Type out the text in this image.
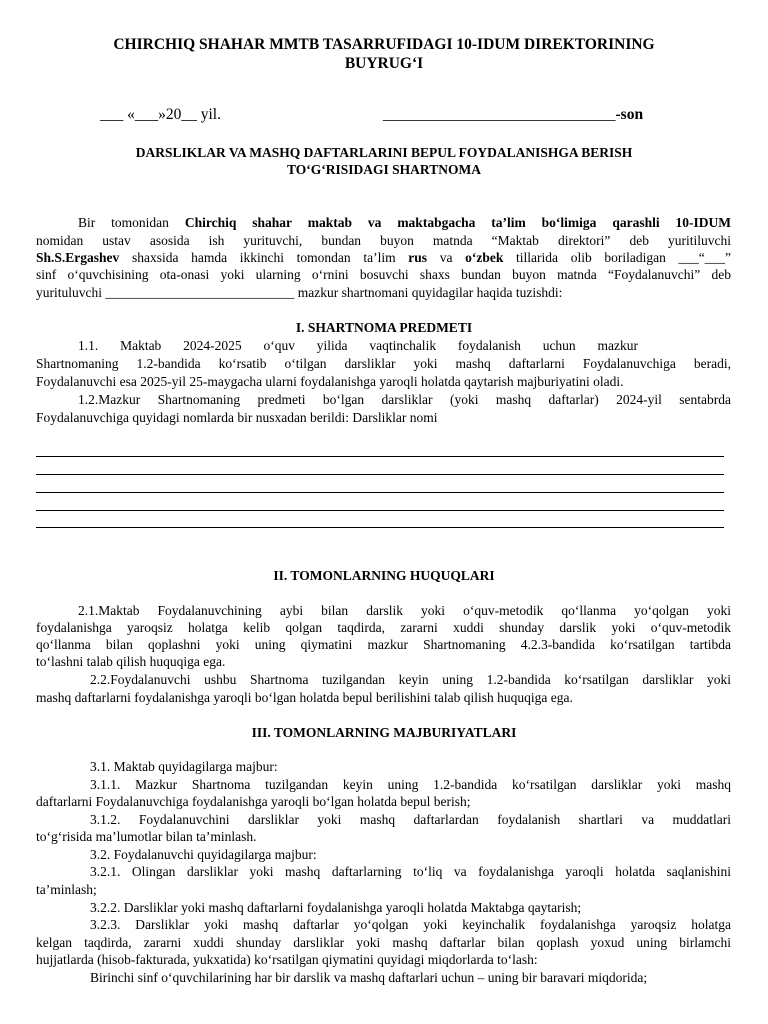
CHIRCHIQ SHAHAR MMTB TASARRUFIDAGI 10-IDUM DIREKTORINING
BUYRUG‘I
___ «___»20__ yil.	______________________________-son
DARSLIKLAR VA MASHQ DAFTARLARINI BEPUL FOYDALANISHGA BERISH
TO‘G‘RISIDAGI SHARTNOMA
Bir tomonidan Chirchiq shahar maktab va maktabgacha ta’lim bo‘limiga qarashli 10-IDUM
nomidan ustav asosida ish yurituvchi, bundan buyon matnda “Maktab direktori” deb yuritiluvchi
Sh.S.Ergashev shaxsida hamda ikkinchi tomondan ta’lim rus va o‘zbek tillarida olib boriladigan ___“___”
sinf o‘quvchisining ota-onasi yoki ularning o‘rnini bosuvchi shaxs bundan buyon matnda “Foydalanuvchi” deb
yurituluvchi ____________________________ mazkur shartnomani quyidagilar haqida tuzishdi:
I. SHARTNOMA PREDMETI
1.1. Maktab 2024-2025 o‘quv yilida vaqtinchalik foydalanish uchun mazkur
Shartnomaning 1.2-bandida ko‘rsatib o‘tilgan darsliklar yoki mashq daftarlarni Foydalanuvchiga beradi,
Foydalanuvchi esa 2025-yil 25-maygacha ularni foydalanishga yaroqli holatda qaytarish majburiyatini oladi.
1.2.Mazkur Shartnomaning predmeti bo‘lgan darsliklar (yoki mashq daftarlar) 2024-yil sentabrda
Foydalanuvchiga quyidagi nomlarda bir nusxadan berildi: Darsliklar nomi
II. TOMONLARNING HUQUQLARI
2.1.Maktab Foydalanuvchining aybi bilan darslik yoki o‘quv-metodik qo‘llanma yo‘qolgan yoki
foydalanishga yaroqsiz holatga kelib qolgan taqdirda, zararni xuddi shunday darslik yoki o‘quv-metodik
qo‘llanma bilan qoplashni yoki uning qiymatini mazkur Shartnomaning 4.2.3-bandida ko‘rsatilgan tartibda
to‘lashni talab qilish huquqiga ega.
2.2.Foydalanuvchi ushbu Shartnoma tuzilgandan keyin uning 1.2-bandida ko‘rsatilgan darsliklar yoki
mashq daftarlarni foydalanishga yaroqli bo‘lgan holatda bepul berilishini talab qilish huquqiga ega.
III. TOMONLARNING MAJBURIYATLARI
3.1. Maktab quyidagilarga majbur:
3.1.1. Mazkur Shartnoma tuzilgandan keyin uning 1.2-bandida ko‘rsatilgan darsliklar yoki mashq
daftarlarni Foydalanuvchiga foydalanishga yaroqli bo‘lgan holatda bepul berish;
3.1.2. Foydalanuvchini darsliklar yoki mashq daftarlardan foydalanish shartlari va muddatlari
to‘g‘risida ma’lumotlar bilan ta’minlash.
3.2. Foydalanuvchi quyidagilarga majbur:
3.2.1. Olingan darsliklar yoki mashq daftarlarning to‘liq va foydalanishga yaroqli holatda saqlanishini
ta’minlash;
3.2.2. Darsliklar yoki mashq daftarlarni foydalanishga yaroqli holatda Maktabga qaytarish;
3.2.3. Darsliklar yoki mashq daftarlar yo‘qolgan yoki keyinchalik foydalanishga yaroqsiz holatga
kelgan taqdirda, zararni xuddi shunday darsliklar yoki mashq daftarlar bilan qoplash yoxud uning birlamchi
hujjatlarda (hisob-fakturada, yukxatida) ko‘rsatilgan qiymatini quyidagi miqdorlarda to‘lash:
Birinchi sinf o‘quvchilarining har bir darslik va mashq daftarlari uchun – uning bir baravari miqdorida;
